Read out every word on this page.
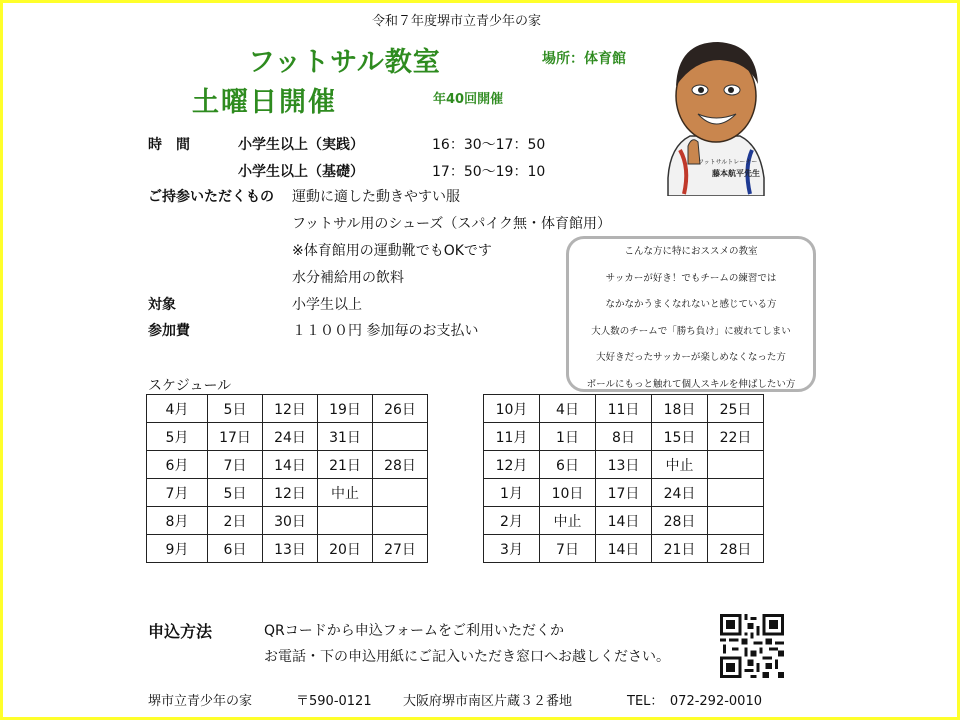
令和７年度堺市立青少年の家
フットサル教室
土曜日開催
場所：体育館
年40回開催
フットサルトレーナー
藤本航平先生
時　間	小学生以上（実践）	16：30～17：50
小学生以上（基礎）	17：50～19：10
ご持参いただくもの 運動に適した動きやすい服
フットサル用のシューズ（スパイク無・体育館用）
※体育館用の運動靴でもOKです
水分補給用の飲料
対象	小学生以上
参加費	１１００円 参加毎のお支払い
こんな方に特におススメの教室
サッカーが好き！でもチームの練習では
なかなかうまくなれないと感じている方
大人数のチームで「勝ち負け」に疲れてしまい
大好きだったサッカーが楽しめなくなった方
ボールにもっと触れて個人スキルを伸ばしたい方
スケジュール
4月	5日	12日	19日	26日
5月	17日	24日	31日	
6月	7日	14日	21日	28日
7月	5日	12日	中止	
8月	2日	30日		
9月	6日	13日	20日	27日
10月	4日	11日	18日	25日
11月	1日	8日	15日	22日
12月	6日	13日	中止	
1月	10日	17日	24日	
2月	中止	14日	28日	
3月	7日	14日	21日	28日
申込方法	QRコードから申込フォームをご利用いただくか
お電話・下の申込用紙にご記入いただき窓口へお越しください。
堺市立青少年の家	〒590-0121 大阪府堺市南区片蔵３２番地	TEL：　072-292-0010
